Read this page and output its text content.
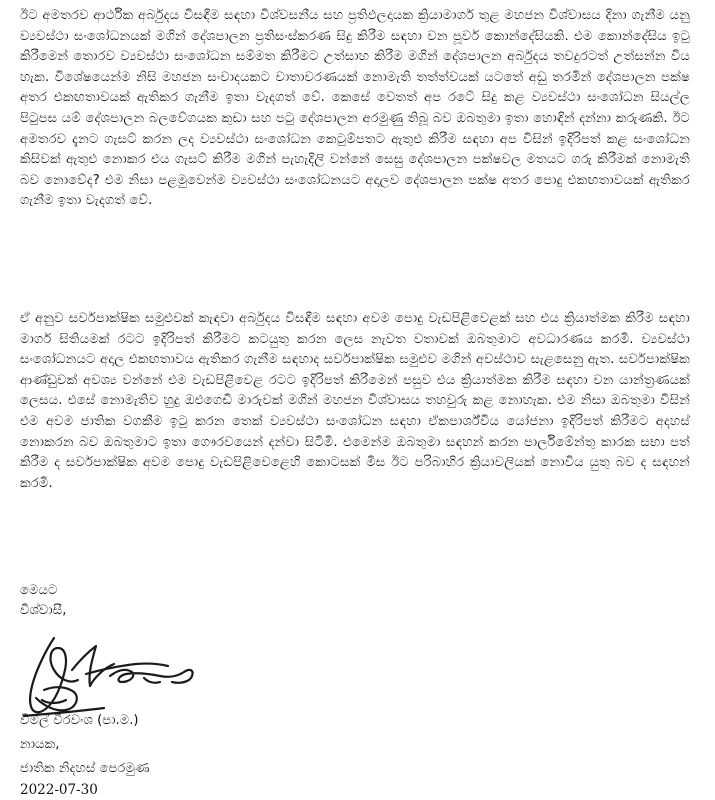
ඊට අමතරව ආර්ථික අර්බුදය විසඳීම සඳහා විශ්වසනීය සහ ප්‍රතිඵලදායක ක්‍රියාමාර්ග තුළ මහජන විශ්වාසය දිනා ගැනීම යනු ව්‍යවස්ථා සංශෝධනයක් මගින් දේශපාලන ප්‍රතිසංස්කරණ සිදු කිරීම සඳහා වන පූර්ව කොන්දේසියකි. එම කොන්දේසිය ඉටු කිරීමෙන් තොරව ව්‍යවස්ථා සංශෝධන සම්මත කිරීමට උත්සාහ කිරීම මගින් දේශපාලන අර්බුදය තවදුරටත් උත්සන්න විය හැක. විශේෂයෙන්ම නිසි මහජන සංවාදයකට වාතාවරණයක් නොමැති තත්ත්වයක් යටතේ අඩු තරමින් දේශපාලන පක්ෂ අතර එකඟතාවයක් ඇතිකර ගැනීම ඉතා වැදගත් වේ. කෙසේ වෙතත් අප රටේ සිදු කළ ව්‍යවස්ථා සංශෝධන සියල්ල පිටුපස යම් දේශපාලන බලවේගයක කුඩා සහ පටු දේශපාලන අරමුණු තිබූ බව ඔබතුමා ඉතා හොඳින් දන්නා කරුණකි. ඊට අමතරව දැනට ගැසට් කරන ලද ව්‍යවස්ථා සංශෝධන කෙටුම්පතට ඇතුළු කිරීම සඳහා අප විසින් ඉදිරිපත් කළ සංශෝධන කිසිවක් ඇතුළු නොකර එය ගැසට් කිරීම මගින් පැහැදිලි වන්නේ සෙසු දේශපාලන පක්ෂවල මතයට ගරු කිරීමක් නොමැති බව නොවේද? එම නිසා පළමුවෙන්ම ව්‍යවස්ථා සංශෝධනයට අදාලව දේශපාලන පක්ෂ අතර පොදු එකඟතාවයක් ඇතිකර ගැනීම ඉතා වැදගත් වේ.

ඒ අනුව සර්වපාක්ෂික සමුළුවක් කැඳවා අර්බුදය විසඳීම සඳහා අවම පොදු වැඩපිළිවෙළක් සහ එය ක්‍රියාත්මක කිරීම සඳහා මාර්ග සිතියමක් රටට ඉදිරිපත් කිරීමට කටයුතු කරන ලෙස නැවත වතාවක් ඔබතුමාට අවධාරණය කරමි. ව්‍යවස්ථා සංශෝධනයට අදාල එකඟතාවය ඇතිකර ගැනීම සඳහාද සර්වපාක්ෂික සමුළුව මගින් අවස්ථාව සැළසෙනු ඇත. සර්වපාක්ෂික ආණ්ඩුවක් අවශ්‍ය වන්නේ එම වැඩපිළිවෙළ රටට ඉදිරිපත් කිරීමෙන් පසුව එය ක්‍රියාත්මක කිරීම සඳහා වන යාන්ත්‍රණයක් ලෙසය. එසේ නොමැතිව හුදු ඔළුගෙඩි මාරුවක් මගින් මහජන විශ්වාසය තහවුරු කළ නොහැක. එම නිසා ඔබතුමා විසින් එම අවම ජාතික වගකීම ඉටු කරන තෙක් ව්‍යවස්ථා සංශෝධන සඳහා ඒකපාර්ශ්විය යෝජනා ඉදිරිපත් කිරීමට අදහස් නොකරන බව ඔබතුමාට ඉතා ගෞරවයෙන් දන්වා සිටිමි. එමෙන්ම ඔබතුමා සඳහන් කරන පාර්ලිමේන්තු කාරක සභා පත් කිරීම ද සර්වපාක්ෂික අවම පොදු වැඩපිළිවෙළෙහි කොටසක් මිස ඊට පරිබාහිර ක්‍රියාවලියක් නොවිය යුතු බව ද සඳහන් කරමි.

මෙයට
විශ්වාසී,
විමල් වීරවංශ (පා.ම.)
නායක,
ජාතික නිදහස් පෙරමුණ
2022-07-30
